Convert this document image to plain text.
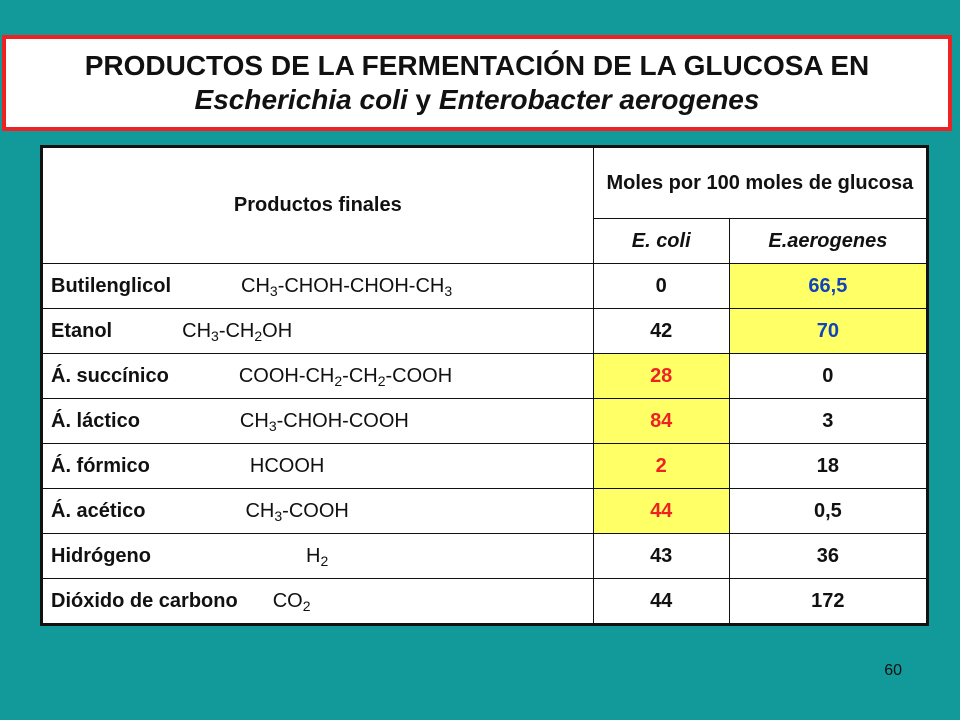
PRODUCTOS DE LA FERMENTACIÓN DE LA GLUCOSA EN
Escherichia coli y Enterobacter aerogenes
Productos finales	Moles por 100 moles de glucosa	
	E. coli	E.aerogenes
Butilenglicol $CH_3-CHOH-CHOH-CH_3$	0	66,5
Etanol $CH_3-CH_2OH$	42	70
Á. succínico COOH-$CH_2-CH_2$-COOH	28	0
Á. láctico $CH_3-CHOH$-COOH	84	3
Á. fórmico HCOOH	2	18
Á. acético $CH_3$-COOH	44	0,5
Hidrógeno $H_2$	43	36
Dióxido de carbono $CO_2$	44	172
60
